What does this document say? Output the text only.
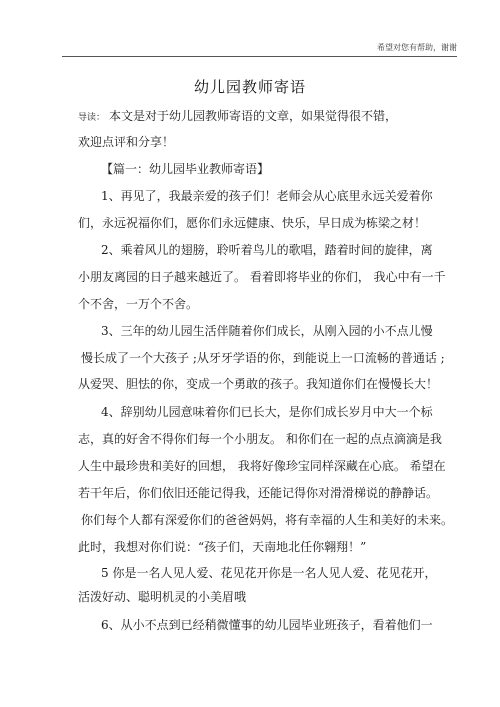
希望对您有帮助，谢谢
幼儿园教师寄语
导读： 本文是对于幼儿园教师寄语的文章，如果觉得很不错，
欢迎点评和分享！
【篇一：幼儿园毕业教师寄语】
1、再见了，我最亲爱的孩子们！老师会从心底里永远关爱着你
们，永远祝福你们，愿你们永远健康、快乐，早日成为栋梁之材！
2、乘着风儿的翅膀，聆听着鸟儿的歌唱，踏着时间的旋律，离
小朋友离园的日子越来越近了。 看着即将毕业的你们， 我心中有一千
个不舍，一万个不舍。
3、三年的幼儿园生活伴随着你们成长，从刚入园的小不点儿慢
慢长成了一个大孩子 ;从牙牙学语的你，到能说上一口流畅的普通话 ;
从爱哭、胆怯的你，变成一个勇敢的孩子。我知道你们在慢慢长大！
4、辞别幼儿园意味着你们已长大，是你们成长岁月中大一个标
志，真的好舍不得你们每一个小朋友。 和你们在一起的点点滴滴是我
人生中最珍贵和美好的回想， 我将好像珍宝同样深藏在心底。 希望在
若干年后，你们依旧还能记得我，还能记得你对滑滑梯说的静静话。
你们每个人都有深爱你们的爸爸妈妈，将有幸福的人生和美好的未来。
此时，我想对你们说：“孩子们，天南地北任你翱翔！”
5 你是一名人见人爱、花见花开你是一名人见人爱、花见花开，
活泼好动、聪明机灵的小美眉哦
6、从小不点到已经稍微懂事的幼儿园毕业班孩子，看着他们一
